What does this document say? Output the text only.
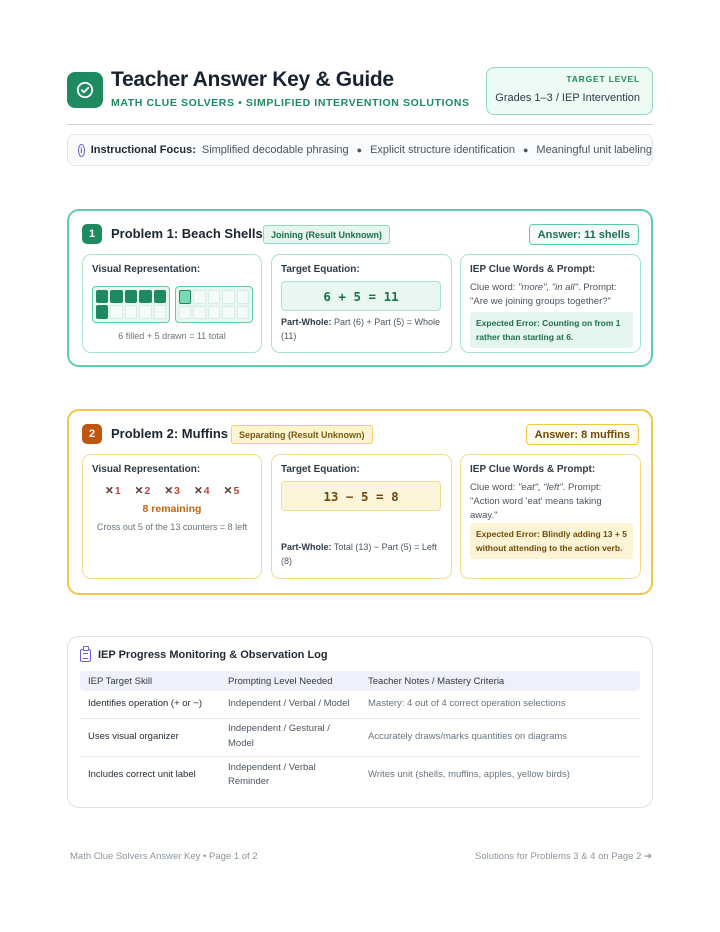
Teacher Answer Key & Guide
MATH CLUE SOLVERS • SIMPLIFIED INTERVENTION SOLUTIONS
TARGET LEVEL
Grades 1–3 / IEP Intervention
i Instructional Focus: Simplified decodable phrasing ● Explicit structure identification ● Meaningful unit labeling
1	Problem 1: Beach Shells Joining (Result Unknown)	Answer: 11 shells
Visual Representation:
6 filled + 5 drawn = 11 total
Target Equation:
6 + 5 = 11
Part-Whole: Part (6) + Part (5) = Whole (11)
IEP Clue Words & Prompt:
Clue word: "more", "in all". Prompt: "Are we joining groups together?"
Expected Error: Counting on from 1 rather than starting at 6.
2	Problem 2: Muffins	Separating (Result Unknown)	Answer: 8 muffins
Visual Representation:
✕1 ✕2 ✕3 ✕4 ✕5
8 remaining
Cross out 5 of the 13 counters = 8 left
Target Equation:
13 − 5 = 8
Part-Whole: Total (13) − Part (5) = Left (8)
IEP Clue Words & Prompt:
Clue word: "eat", "left". Prompt: "Action word 'eat' means taking away."
Expected Error: Blindly adding 13 + 5 without attending to the action verb.
IEP Progress Monitoring & Observation Log
IEP Target Skill	Prompting Level Needed	Teacher Notes / Mastery Criteria
Identifies operation (+ or −)	Independent / Verbal / Model	Mastery: 4 out of 4 correct operation selections
Uses visual organizer	Independent / Gestural / Model	Accurately draws/marks quantities on diagrams
Includes correct unit label	Independent / Verbal Reminder	Writes unit (shells, muffins, apples, yellow birds)
Math Clue Solvers Answer Key • Page 1 of 2	Solutions for Problems 3 & 4 on Page 2 ➔
